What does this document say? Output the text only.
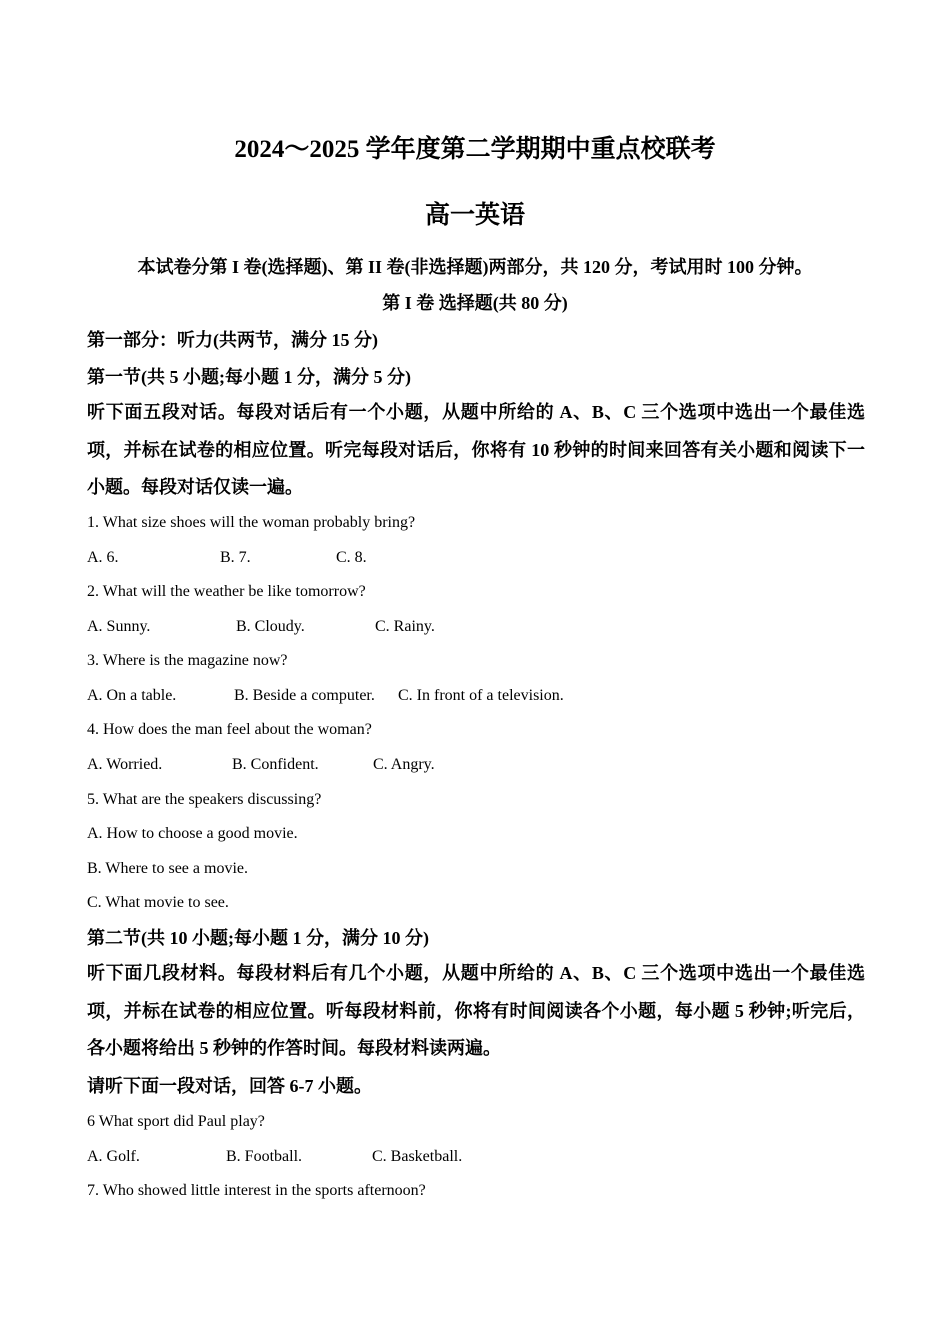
2024～2025 学年度第二学期期中重点校联考
高一英语
本试卷分第 I 卷(选择题)、第 II 卷(非选择题)两部分，共 120 分，考试用时 100 分钟。
第 I 卷 选择题(共 80 分)
第一部分：听力(共两节，满分 15 分)
第一节(共 5 小题;每小题 1 分，满分 5 分)
听下面五段对话。每段对话后有一个小题，从题中所给的 A、B、C 三个选项中选出一个最佳选项，并标在试卷的相应位置。听完每段对话后，你将有 10 秒钟的时间来回答有关小题和阅读下一小题。每段对话仅读一遍。
1. What size shoes will the woman probably bring?
A. 6.	B. 7.	C. 8.
2. What will the weather be like tomorrow?
A. Sunny.	B. Cloudy.	C. Rainy.
3. Where is the magazine now?
A. On a table.	B. Beside a computer. C. In front of a television.
4. How does the man feel about the woman?
A. Worried.	B. Confident.	C. Angry.
5. What are the speakers discussing?
A. How to choose a good movie.
B. Where to see a movie.
C. What movie to see.
第二节(共 10 小题;每小题 1 分，满分 10 分)
听下面几段材料。每段材料后有几个小题，从题中所给的 A、B、C 三个选项中选出一个最佳选项，并标在试卷的相应位置。听每段材料前，你将有时间阅读各个小题，每小题 5 秒钟;听完后，各小题将给出 5 秒钟的作答时间。每段材料读两遍。
请听下面一段对话，回答 6-7 小题。
6 What sport did Paul play?
A. Golf.	B. Football.	C. Basketball.
7. Who showed little interest in the sports afternoon?
